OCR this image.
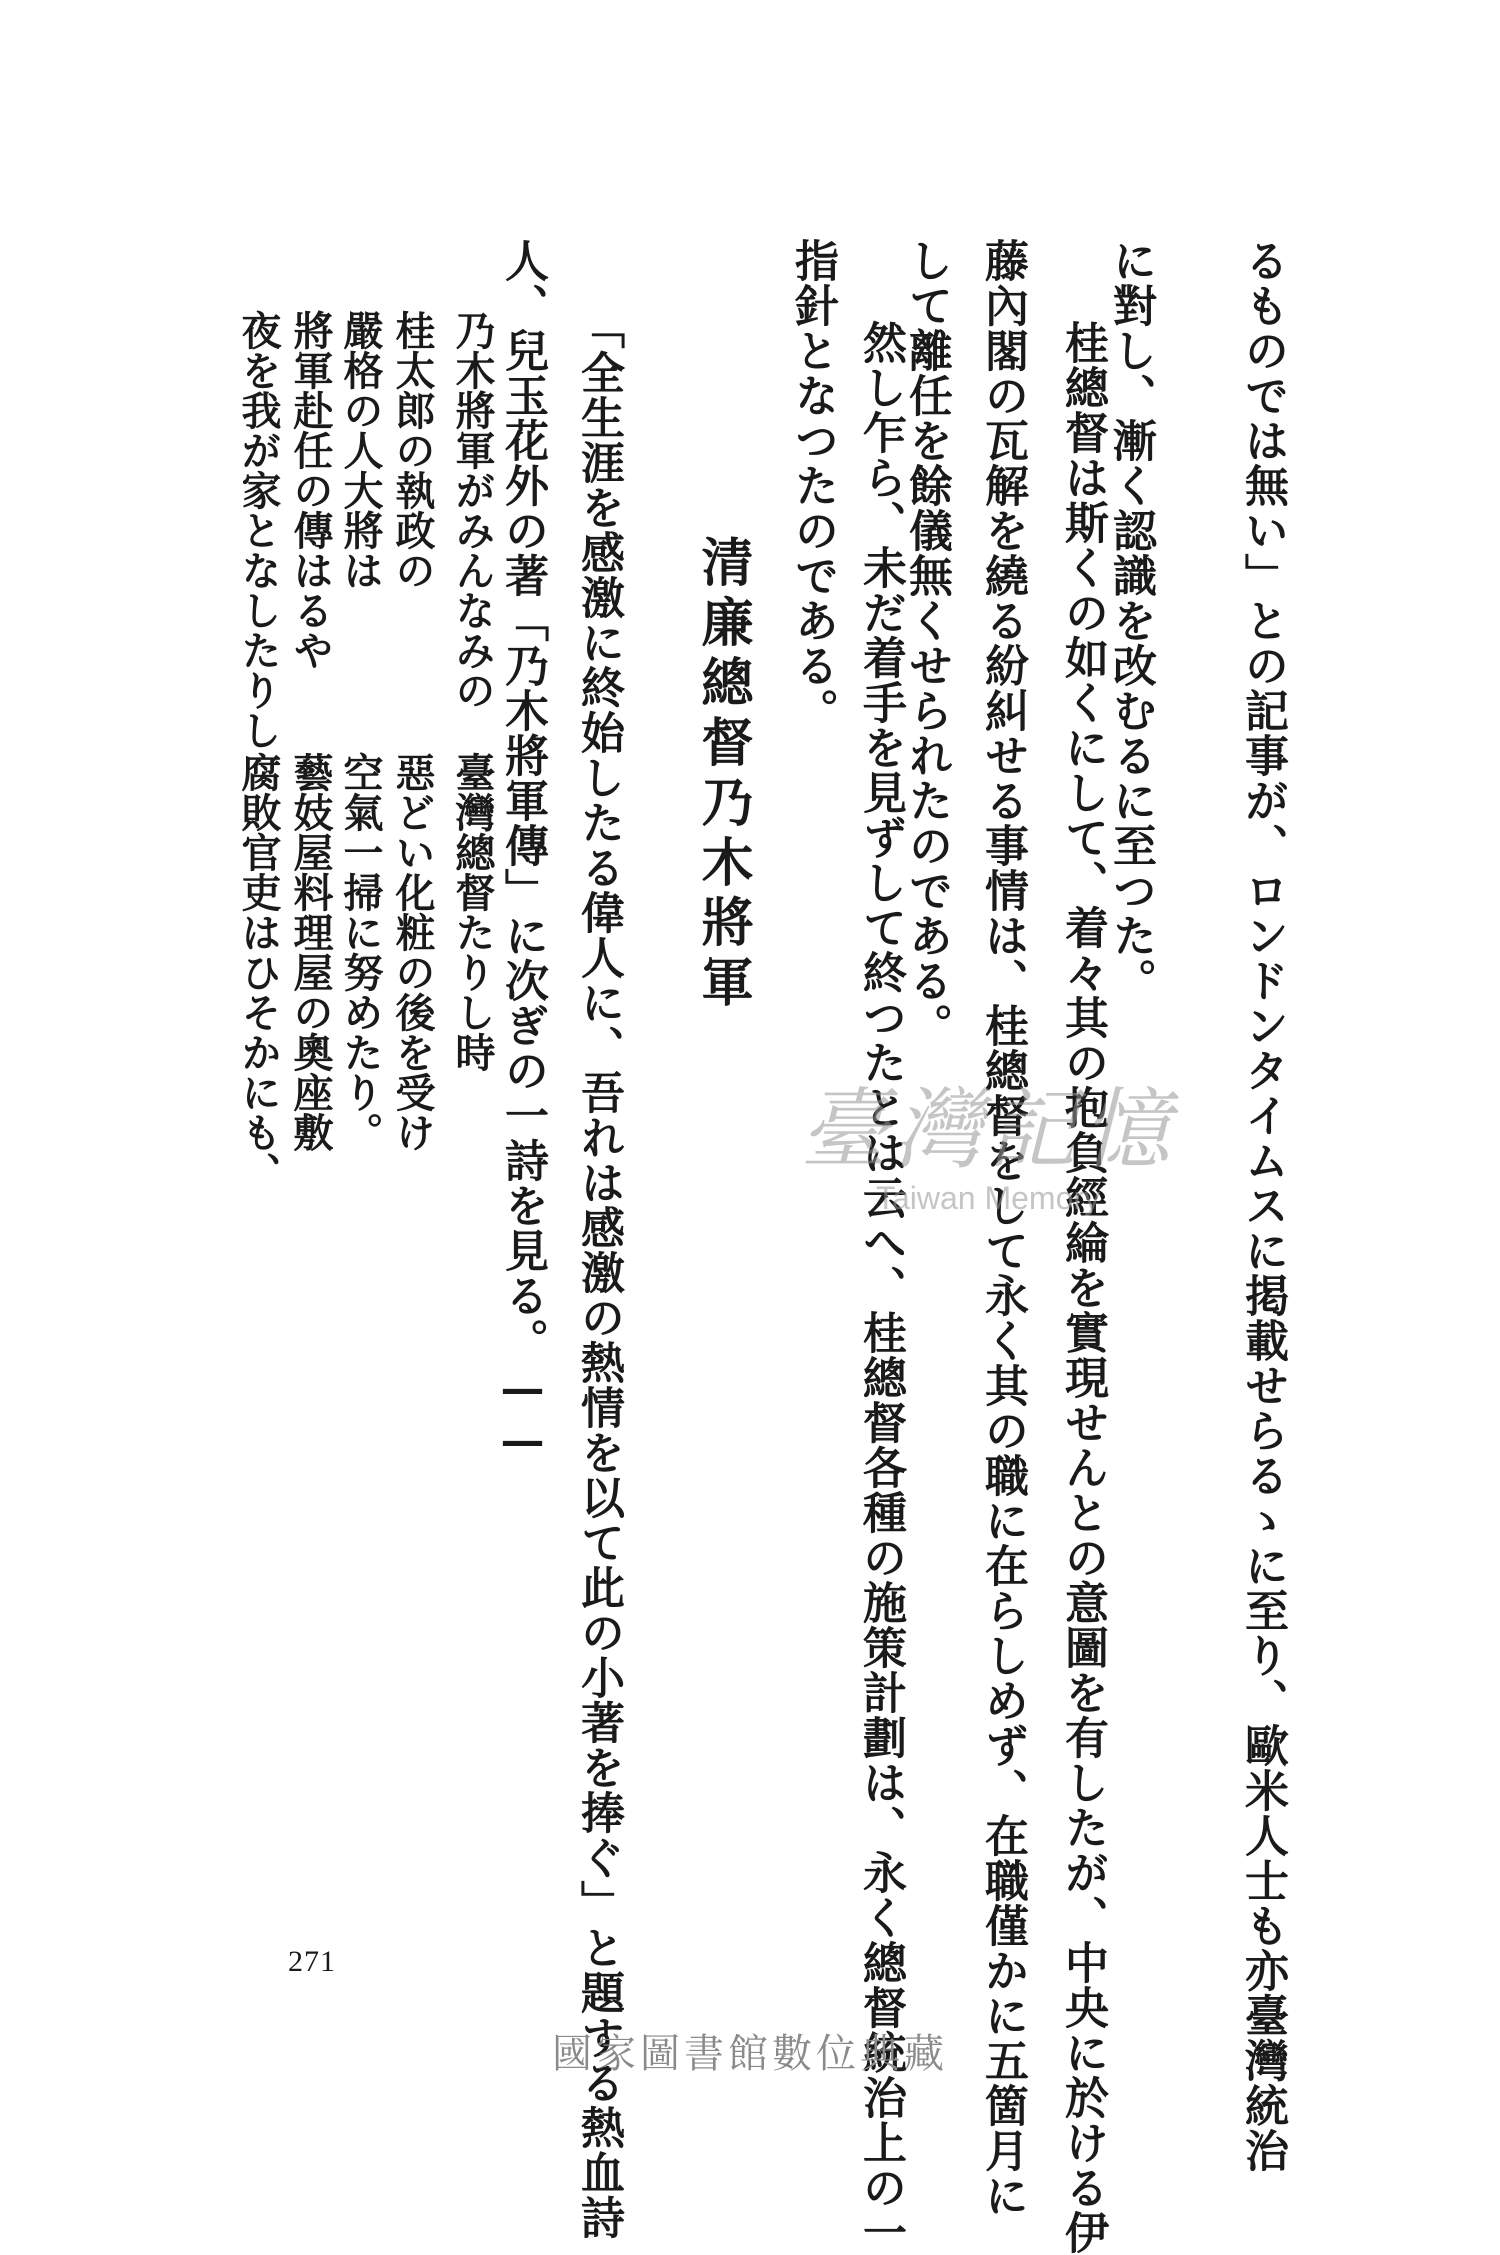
るものでは無い」との記事が、ロンドンタイムスに掲載せらるゝに至り、歐米人士も亦臺灣統治
に對し、漸く認識を改むるに至つた。
桂總督は斯くの如くにして、着々其の抱負經綸を實現せんとの意圖を有したが、中央に於ける伊
藤內閣の瓦解を繞る紛糾せる事情は、桂總督をして永く其の職に在らしめず、在職僅かに五箇月に
して離任を餘儀無くせられたのである。
然し乍ら、未だ着手を見ずして終つたとは云へ、桂總督各種の施策計劃は、永く總督統治上の一
指針となつたのである。
清廉總督乃木將軍
「全生涯を感激に終始したる偉人に、吾れは感激の熱情を以て此の小著を捧ぐ」と題する熱血詩
人、兒玉花外の著「乃木將軍傳」に次ぎの一詩を見る。——
乃木將軍がみんなみの
臺灣總督たりし時
桂太郎の執政の
惡どい化粧の後を受け
嚴格の人大將は
空氣一掃に努めたり。
將軍赴任の傳はるや
藝妓屋料理屋の奧座敷
夜を我が家となしたりし
腐敗官吏はひそかにも、	臺灣記憶
Taiwan Memory
271
國家圖書館數位典藏
